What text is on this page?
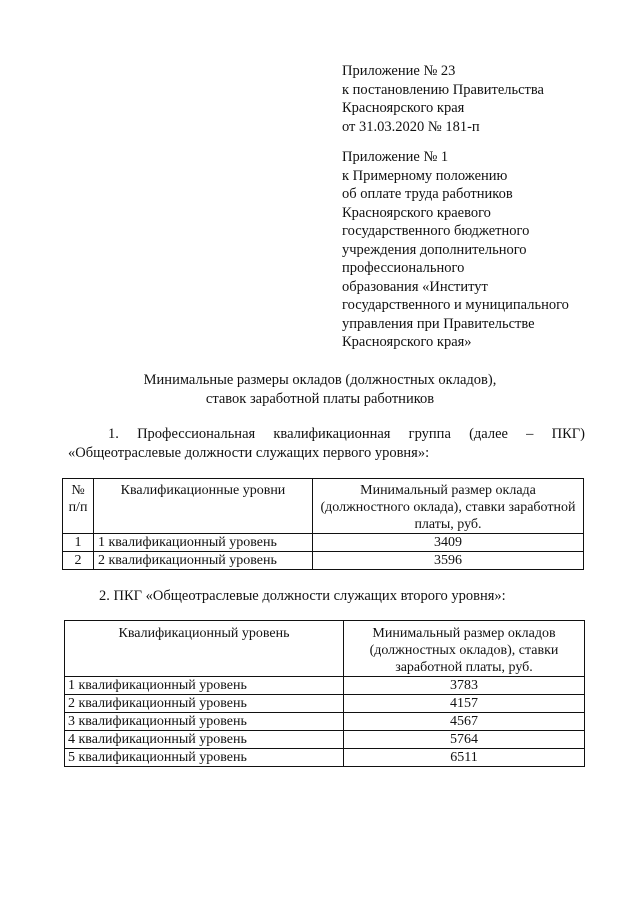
Приложение № 23
к постановлению Правительства
Красноярского края
от 31.03.2020 № 181-п
Приложение № 1
к Примерному положению
об оплате труда работников
Красноярского краевого
государственного бюджетного
учреждения дополнительного
профессионального
образования «Институт
государственного и муниципального
управления при Правительстве
Красноярского края»
Минимальные размеры окладов (должностных окладов),
ставок заработной платы работников
1. Профессиональная квалификационная группа (далее – ПКГ)
«Общеотраслевые должности служащих первого уровня»:
№ п/п	Квалификационные уровни	Минимальный размер оклада (должностного оклада), ставки заработной платы, руб.
1	1 квалификационный уровень	3409
2	2 квалификационный уровень	3596
2. ПКГ «Общеотраслевые должности служащих второго уровня»:
Квалификационный уровень	Минимальный размер окладов (должностных окладов), ставки заработной платы, руб.
1 квалификационный уровень	3783
2 квалификационный уровень	4157
3 квалификационный уровень	4567
4 квалификационный уровень	5764
5 квалификационный уровень	6511
